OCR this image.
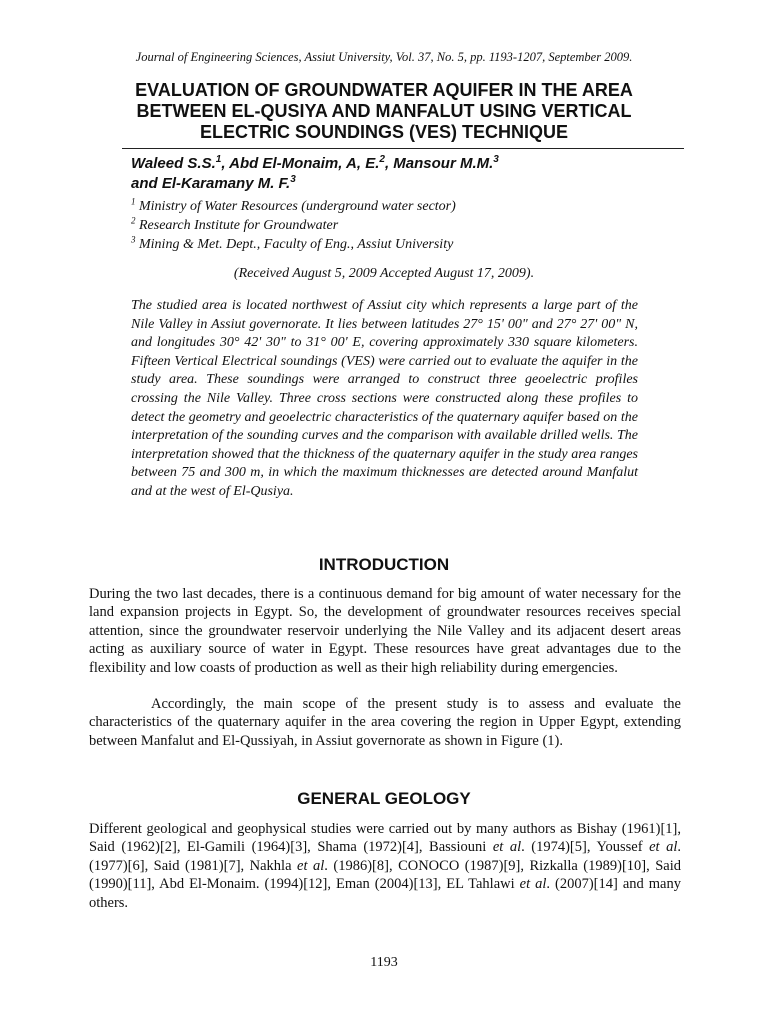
Journal of Engineering Sciences, Assiut University, Vol. 37, No. 5, pp. 1193-1207, September 2009.
EVALUATION OF GROUNDWATER AQUIFER IN THE AREA BETWEEN EL-QUSIYA AND MANFALUT USING VERTICAL ELECTRIC SOUNDINGS (VES) TECHNIQUE
Waleed S.S.$^1$, Abd El-Monaim, A, E.$^2$, Mansour M.M.$^3$
and El-Karamany M. F.$^3$
$^1$ Ministry of Water Resources (underground water sector)
$^2$ Research Institute for Groundwater
$^3$ Mining & Met. Dept., Faculty of Eng., Assiut University
(Received August 5, 2009 Accepted August 17, 2009).

The studied area is located northwest of Assiut city which represents a large part of the Nile Valley in Assiut governorate. It lies between latitudes 27° 15' 00" and 27° 27' 00" N, and longitudes 30° 42' 30" to 31° 00' E, covering approximately 330 square kilometers. Fifteen Vertical Electrical soundings (VES) were carried out to evaluate the aquifer in the study area. These soundings were arranged to construct three geoelectric profiles crossing the Nile Valley. Three cross sections were constructed along these profiles to detect the geometry and geoelectric characteristics of the quaternary aquifer based on the interpretation of the sounding curves and the comparison with available drilled wells. The interpretation showed that the thickness of the quaternary aquifer in the study area ranges between 75 and 300 m, in which the maximum thicknesses are detected around Manfalut and at the west of El-Qusiya.

INTRODUCTION

During the two last decades, there is a continuous demand for big amount of water necessary for the land expansion projects in Egypt. So, the development of groundwater resources receives special attention, since the groundwater reservoir underlying the Nile Valley and its adjacent desert areas acting as auxiliary source of water in Egypt. These resources have great advantages due to the flexibility and low coasts of production as well as their high reliability during emergencies.

Accordingly, the main scope of the present study is to assess and evaluate the characteristics of the quaternary aquifer in the area covering the region in Upper Egypt, extending between Manfalut and El-Qussiyah, in Assiut governorate as shown in Figure (1).

GENERAL GEOLOGY

Different geological and geophysical studies were carried out by many authors as Bishay (1961)[1], Said (1962)[2], El-Gamili (1964)[3], Shama (1972)[4], Bassiouni et al. (1974)[5], Youssef et al. (1977)[6], Said (1981)[7], Nakhla et al. (1986)[8], CONOCO (1987)[9], Rizkalla (1989)[10], Said (1990)[11], Abd El-Monaim. (1994)[12], Eman (2004)[13], EL Tahlawi et al. (2007)[14] and many others.

1193
